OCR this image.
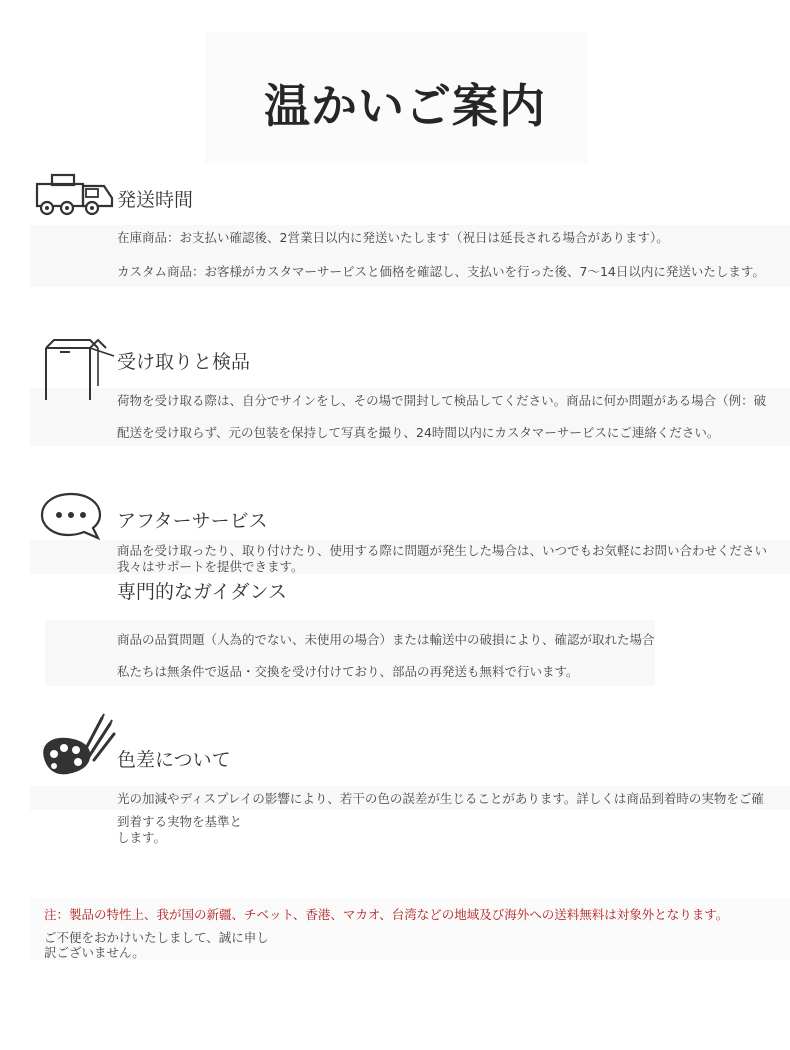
温かいご案内
発送時間
在庫商品：お支払い確認後、2営業日以内に発送いたします（祝日は延長される場合があります）。
カスタム商品：お客様がカスタマーサービスと価格を確認し、支払いを行った後、7〜14日以内に発送いたします。
受け取りと検品
荷物を受け取る際は、自分でサインをし、その場で開封して検品してください。商品に何か問題がある場合（例：破
配送を受け取らず、元の包装を保持して写真を撮り、24時間以内にカスタマーサービスにご連絡ください。
アフターサービス
商品を受け取ったり、取り付けたり、使用する際に問題が発生した場合は、いつでもお気軽にお問い合わせください
我々はサポートを提供できます。
専門的なガイダンス
商品の品質問題（人為的でない、未使用の場合）または輸送中の破損により、確認が取れた場合
私たちは無条件で返品・交換を受け付けており、部品の再発送も無料で行います。
色差について
光の加減やディスプレイの影響により、若干の色の誤差が生じることがあります。詳しくは商品到着時の実物をご確
到着する実物を基準と
します。
注：製品の特性上、我が国の新疆、チベット、香港、マカオ、台湾などの地域及び海外への送料無料は対象外となります。
ご不便をおかけいたしまして、誠に申し
訳ございません。
